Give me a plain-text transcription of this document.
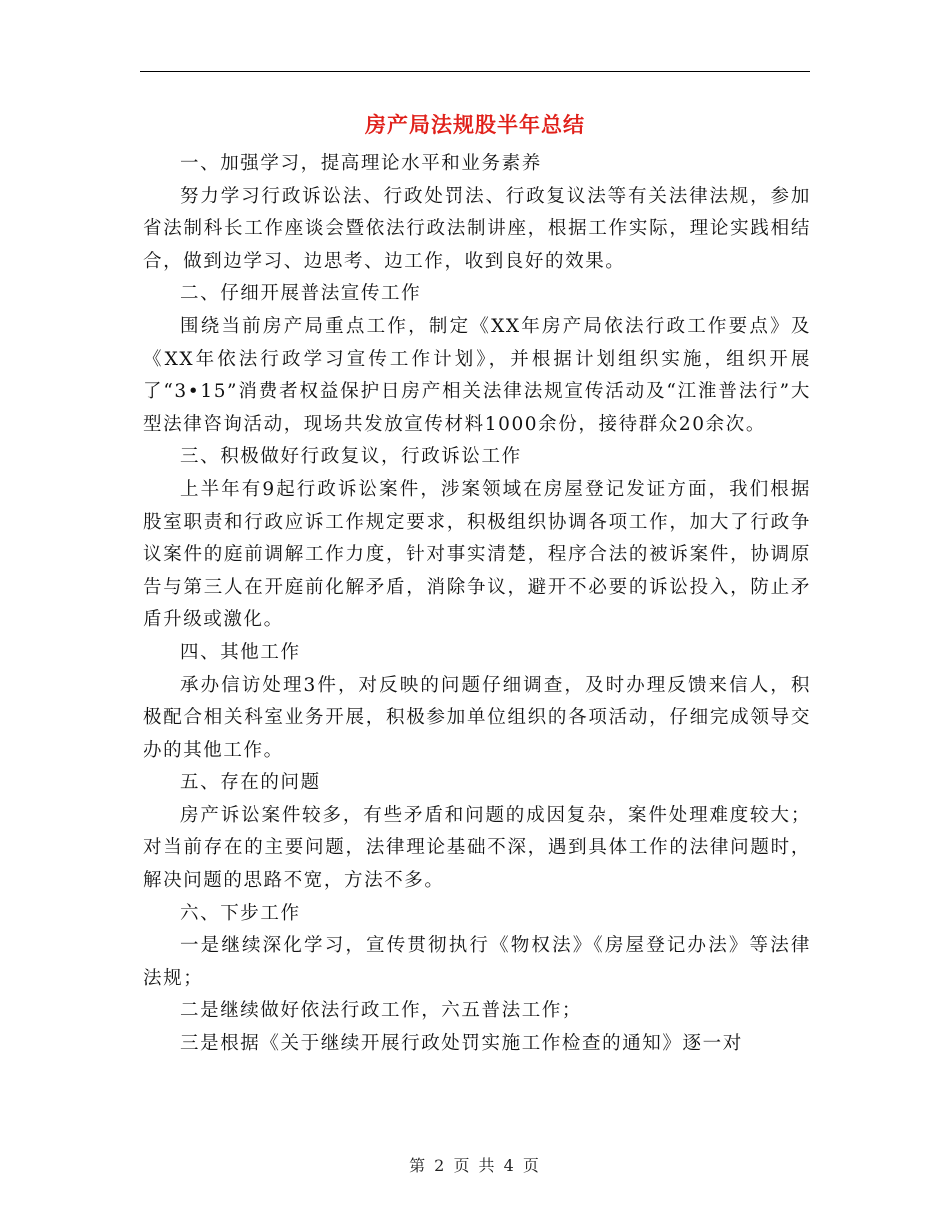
房产局法规股半年总结

一、加强学习，提高理论水平和业务素养

努力学习行政诉讼法、行政处罚法、行政复议法等有关法律法规，参加省法制科长工作座谈会暨依法行政法制讲座，根据工作实际，理论实践相结合，做到边学习、边思考、边工作，收到良好的效果。

二、仔细开展普法宣传工作

围绕当前房产局重点工作，制定《XX年房产局依法行政工作要点》及《XX年依法行政学习宣传工作计划》，并根据计划组织实施，组织开展了“3•15”消费者权益保护日房产相关法律法规宣传活动及“江淮普法行”大型法律咨询活动，现场共发放宣传材料1000余份，接待群众20余次。

三、积极做好行政复议，行政诉讼工作

上半年有9起行政诉讼案件，涉案领域在房屋登记发证方面，我们根据股室职责和行政应诉工作规定要求，积极组织协调各项工作，加大了行政争议案件的庭前调解工作力度，针对事实清楚，程序合法的被诉案件，协调原告与第三人在开庭前化解矛盾，消除争议，避开不必要的诉讼投入，防止矛盾升级或激化。

四、其他工作

承办信访处理3件，对反映的问题仔细调查，及时办理反馈来信人，积极配合相关科室业务开展，积极参加单位组织的各项活动，仔细完成领导交办的其他工作。

五、存在的问题

房产诉讼案件较多，有些矛盾和问题的成因复杂，案件处理难度较大；对当前存在的主要问题，法律理论基础不深，遇到具体工作的法律问题时，解决问题的思路不宽，方法不多。

六、下步工作

一是继续深化学习，宣传贯彻执行《物权法》《房屋登记办法》等法律法规；

二是继续做好依法行政工作，六五普法工作；

三是根据《关于继续开展行政处罚实施工作检查的通知》逐一对

第 2 页 共 4 页
